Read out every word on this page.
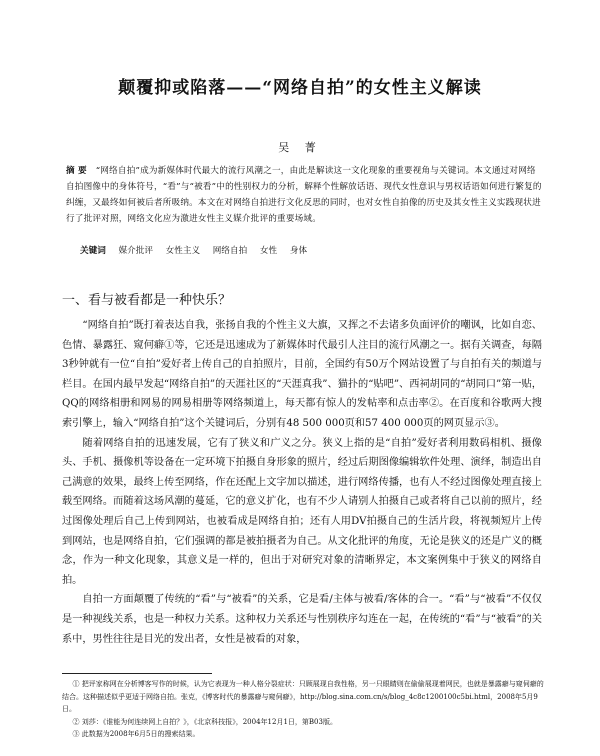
颠覆抑或陷落——“网络自拍”的女性主义解读
吴 菁
摘 要 “网络自拍”成为新媒体时代最大的流行风潮之一，由此是解读这一文化现象的重要视角与关键词。本文通过对网络自拍图像中的身体符号，“看”与“被看”中的性别权力的分析，解释个性解放话语、现代女性意识与男权话语如何进行繁复的纠缠，又最终如何被后者所吸纳。本文在对网络自拍进行文化反思的同时，也对女性自拍像的历史及其女性主义实践现状进行了批评对照，网络文化应为激进女性主义媒介批评的重要场域。
关键词 媒介批评 女性主义 网络自拍 女性 身体
一、看与被看都是一种快乐？

“网络自拍”既打着表达自我，张扬自我的个性主义大旗，又挥之不去诸多负面评价的嘲讽，比如自恋、色情、暴露狂、窥何癖①等，它还是迅速成为了新媒体时代最引人注目的流行风潮之一。据有关调查，每隔3秒钟就有一位“自拍”爱好者上传自己的自拍照片，目前，全国约有50万个网站设置了与自拍有关的频道与栏目。在国内最早发起“网络自拍”的天涯社区的“天涯真我”、猫扑的“贴吧”、西祠胡同的“胡同口”第一贴，QQ的网络相册和网易的网易相册等网络频道上，每天都有惊人的发帖率和点击率②。在百度和谷歌两大搜索引擎上，输入“网络自拍”这个关键词后，分别有48 500 000页和57 400 000页的网页显示③。

随着网络自拍的迅速发展，它有了狭义和广义之分。狭义上指的是“自拍”爱好者利用数码相机、摄像头、手机、摄像机等设备在一定环境下拍摄自身形象的照片，经过后期图像编辑软件处理、演绎，制造出自己满意的效果，最终上传至网络，作在还配上文字加以描述，进行网络传播，也有人不经过图像处理直接上载至网络。而随着这场风潮的蔓延，它的意义扩化，也有不少人请别人拍摄自己或者将自己以前的照片，经过图像处理后自己上传到网站，也被看成是网络自拍；还有人用DV拍摄自己的生活片段，将视频短片上传到网站，也是网络自拍，它们强调的都是被拍摄者为自己。从文化批评的角度，无论是狭义的还是广义的概念，作为一种文化现象，其意义是一样的，但出于对研究对象的清晰界定，本文案例集中于狭义的网络自拍。

自拍一方面颠覆了传统的“看”与“被看”的关系，它是看/主体与被看/客体的合一。“看”与“被看”不仅仅是一种视线关系，也是一种权力关系。这种权力关系还与性别秩序勾连在一起，在传统的“看”与“被看”的关系中，男性往往是目光的发出者，女性是被看的对象，

① 把评家称网在分析博客写作的时候，认为它表现为一种人格分裂症状：只顾展现自我性格，另一只眼睛则在偷偷展现着网民，也就是暴露癖与窥伺癖的结合。这种描述似乎更适于网络自拍。张克，《博客时代的暴露癖与窥伺癖》，http://blog.sina.com.cn/s/blog_4c8c1200100c5bi.html，2008年5月9日。

② 刘莎：《谁能为何连续网上自拍？》，《北京科技报》，2004年12月1日，第B03版。

③ 此数据为2008年6月5日的搜索结果。
